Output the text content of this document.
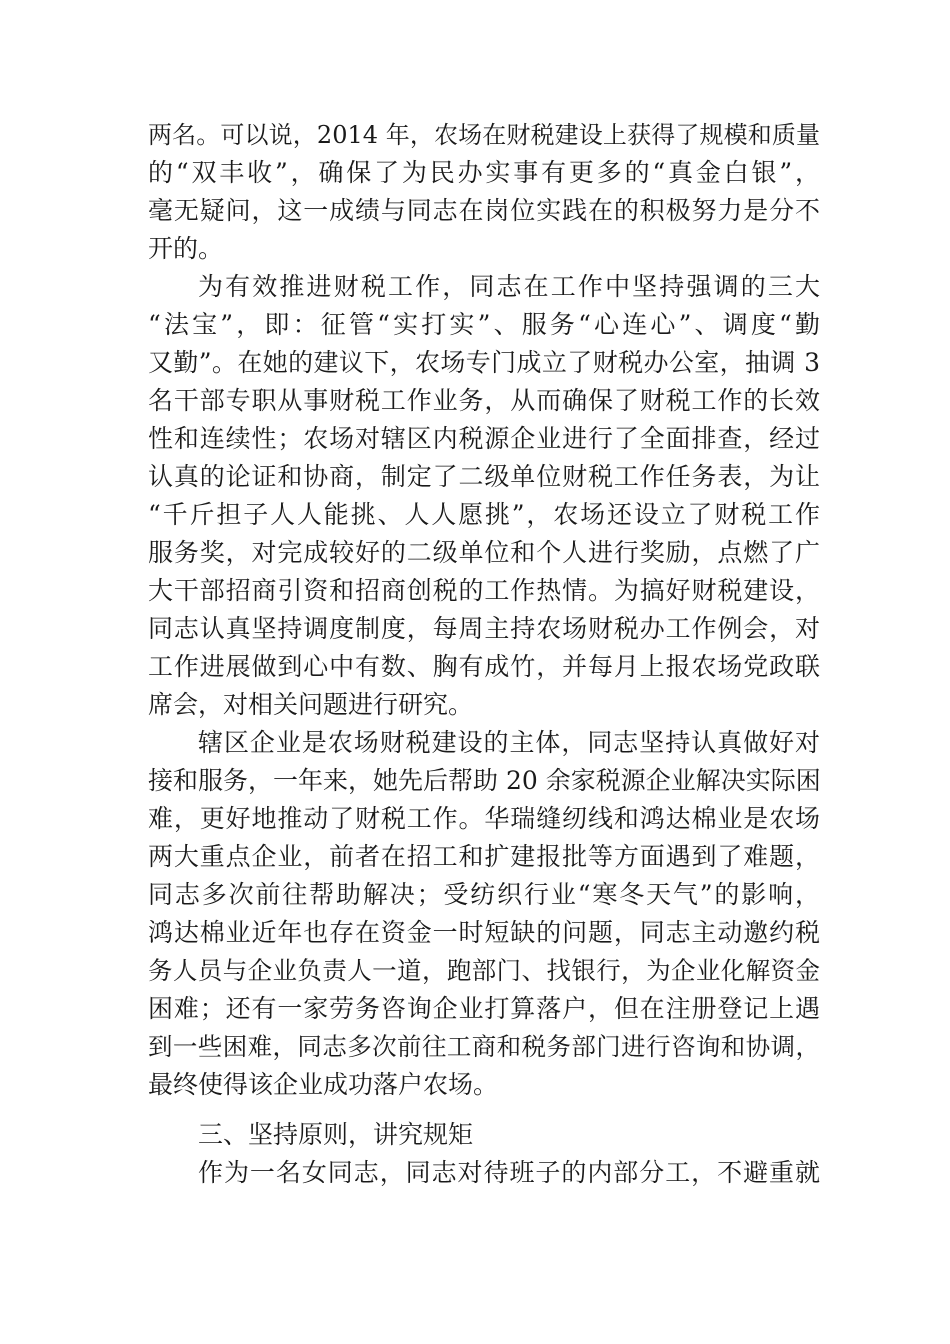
两名。可以说，2014 年，农场在财税建设上获得了规模和质量
的“双丰收”，确保了为民办实事有更多的“真金白银”，
毫无疑问，这一成绩与同志在岗位实践在的积极努力是分不
开的。
为有效推进财税工作，同志在工作中坚持强调的三大
“法宝”，即：征管“实打实”、服务“心连心”、调度“勤
又勤”。在她的建议下，农场专门成立了财税办公室，抽调 3
名干部专职从事财税工作业务，从而确保了财税工作的长效
性和连续性；农场对辖区内税源企业进行了全面排查，经过
认真的论证和协商，制定了二级单位财税工作任务表，为让
“千斤担子人人能挑、人人愿挑”，农场还设立了财税工作
服务奖，对完成较好的二级单位和个人进行奖励，点燃了广
大干部招商引资和招商创税的工作热情。为搞好财税建设，
同志认真坚持调度制度，每周主持农场财税办工作例会，对
工作进展做到心中有数、胸有成竹，并每月上报农场党政联
席会，对相关问题进行研究。
辖区企业是农场财税建设的主体，同志坚持认真做好对
接和服务，一年来，她先后帮助 20 余家税源企业解决实际困
难，更好地推动了财税工作。华瑞缝纫线和鸿达棉业是农场
两大重点企业，前者在招工和扩建报批等方面遇到了难题，
同志多次前往帮助解决；受纺织行业“寒冬天气”的影响，
鸿达棉业近年也存在资金一时短缺的问题，同志主动邀约税
务人员与企业负责人一道，跑部门、找银行，为企业化解资金
困难；还有一家劳务咨询企业打算落户，但在注册登记上遇
到一些困难，同志多次前往工商和税务部门进行咨询和协调，
最终使得该企业成功落户农场。
三、坚持原则，讲究规矩
作为一名女同志，同志对待班子的内部分工，不避重就
